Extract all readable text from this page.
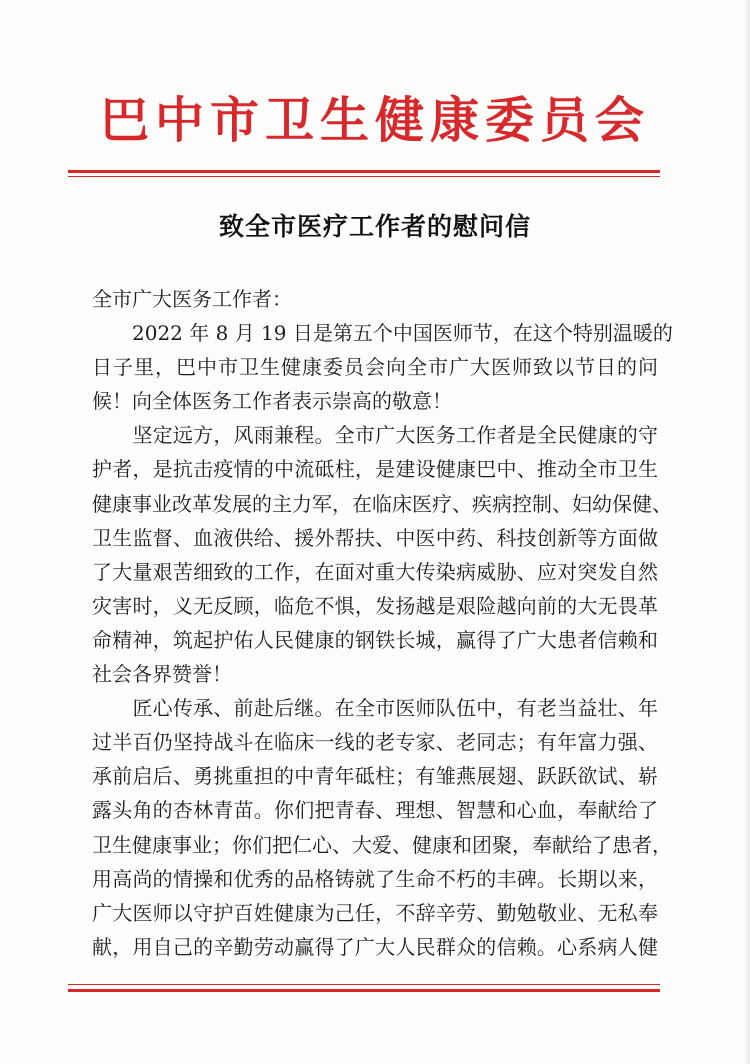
巴中市卫生健康委员会
致全市医疗工作者的慰问信
全市广大医务工作者：
　　2022 年 8 月 19 日是第五个中国医师节，在这个特别温暖的
日子里，巴中市卫生健康委员会向全市广大医师致以节日的问
候！向全体医务工作者表示崇高的敬意！
　　坚定远方，风雨兼程。全市广大医务工作者是全民健康的守
护者，是抗击疫情的中流砥柱，是建设健康巴中、推动全市卫生
健康事业改革发展的主力军，在临床医疗、疾病控制、妇幼保健、
卫生监督、血液供给、援外帮扶、中医中药、科技创新等方面做
了大量艰苦细致的工作，在面对重大传染病威胁、应对突发自然
灾害时，义无反顾，临危不惧，发扬越是艰险越向前的大无畏革
命精神，筑起护佑人民健康的钢铁长城，赢得了广大患者信赖和
社会各界赞誉！
　　匠心传承、前赴后继。在全市医师队伍中，有老当益壮、年
过半百仍坚持战斗在临床一线的老专家、老同志；有年富力强、
承前启后、勇挑重担的中青年砥柱；有雏燕展翅、跃跃欲试、崭
露头角的杏林青苗。你们把青春、理想、智慧和心血，奉献给了
卫生健康事业；你们把仁心、大爱、健康和团聚，奉献给了患者，
用高尚的情操和优秀的品格铸就了生命不朽的丰碑。长期以来，
广大医师以守护百姓健康为己任，不辞辛劳、勤勉敬业、无私奉
献，用自己的辛勤劳动赢得了广大人民群众的信赖。心系病人健
